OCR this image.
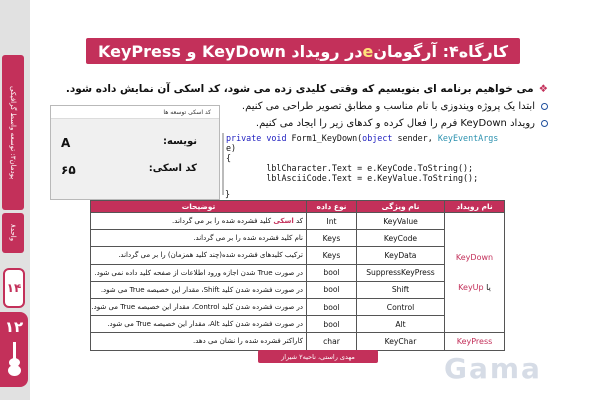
پودمان۳: توسعه واسط گرافیکی
واحد۸
۱۴
۱۲
کارگاه۴: آرگومان
e
در رویداد KeyDown و KeyPress
❖می خواهیم برنامه ای بنویسیم که وقتی کلیدی زده می شود، کد اسکی آن نمایش داده شود.
ابتدا یک پروژه ویندوزی با نام مناسب و مطابق تصویر طراحی می کنیم.
رویداد KeyDown فرم را فعال کرده و کدهای زیر را ایجاد می کنیم.
کد اسکی توسعه ها
نویسه:
A
کد اسکی:
۶۵
private void Form1_KeyDown(object sender, KeyEventArgs
e)
{
lblCharacter.Text = e.KeyCode.ToString();
lblAsciiCode.Text = e.KeyValue.ToString();
}
نام رویداد	نام ویژگی	نوع داده	توضیحات
KeyDown

یا KeyUp	KeyValue	Int	کد اسکی کلید فشرده شده را بر می گرداند.
	KeyCode	Keys	نام کلید فشرده شده را بر می گرداند.
	KeyData	Keys	ترکیب کلیدهای فشرده شده(چند کلید همزمان) را بر می گرداند.
	SuppressKeyPress	bool	در صورت True شدن اجازه ورود اطلاعات از صفحه کلید داده نمی شود.
	Shift	bool	در صورت فشرده شدن کلید Shift، مقدار این خصیصه True می شود.
	Control	bool	در صورت فشرده شدن کلید Control، مقدار این خصیصه True می شود.
	Alt	bool	در صورت فشرده شدن کلید Alt، مقدار این خصیصه True می شود.
KeyPress	KeyChar	char	کاراکتر فشرده شده را نشان می دهد.
مهدی راستی، ناحیه۲ شیراز	Gama
